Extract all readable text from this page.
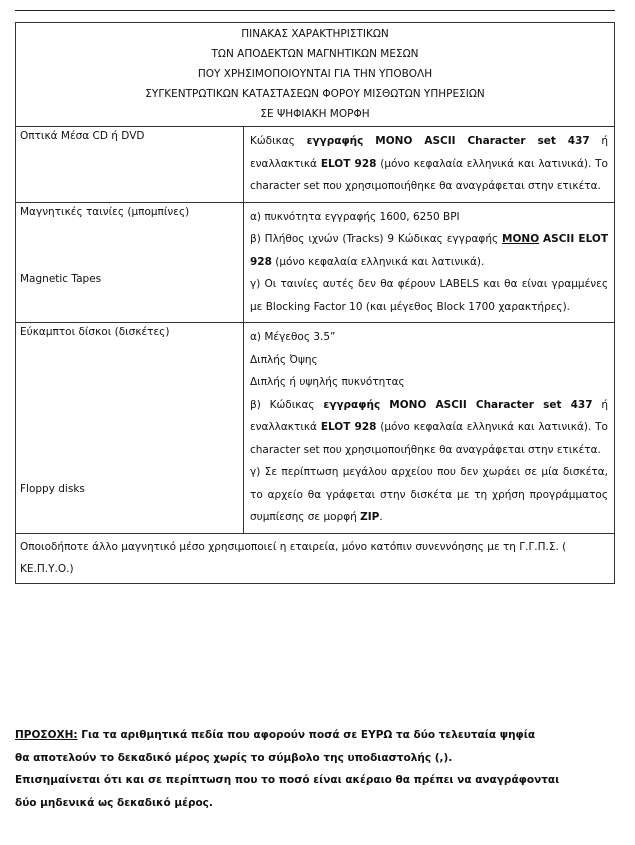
ΠΙΝΑΚΑΣ ΧΑΡΑΚΤΗΡΙΣΤΙΚΩΝ
ΤΩΝ ΑΠΟΔΕΚΤΩΝ ΜΑΓΝΗΤΙΚΩΝ ΜΕΣΩΝ
ΠΟΥ ΧΡΗΣΙΜΟΠΟΙΟΥΝΤΑΙ ΓΙΑ ΤΗΝ ΥΠΟΒΟΛΗ
ΣΥΓΚΕΝΤΡΩΤΙΚΩΝ ΚΑΤΑΣΤΑΣΕΩΝ ΦΟΡΟΥ ΜΙΣΘΩΤΩΝ ΥΠΗΡΕΣΙΩΝ
ΣΕ ΨΗΦΙΑΚΗ ΜΟΡΦΗ
Οπτικά Μέσα CD ή DVD	Κώδικας εγγραφής ΜΟΝΟ ASCII Character set 437 ή εναλλακτικά ELOT 928 (μόνο κεφαλαία ελληνικά και λατινικά). Το character set που χρησιμοποιήθηκε θα αναγράφεται στην ετικέτα.

Μαγνητικές ταινίες (μπομπίνες)
Magnetic Tapes

α) πυκνότητα εγγραφής 1600, 6250 BPI

β) Πλήθος ιχνών (Tracks) 9 Κώδικας εγγραφής ΜΟΝΟ ASCII ELOT 928 (μόνο κεφαλαία ελληνικά και λατινικά).

γ) Οι ταινίες αυτές δεν θα φέρουν LABELS και θα είναι γραμμένες με Blocking Factor 10 (και μέγεθος Block 1700 χαρακτήρες).

Εύκαμπτοι δίσκοι (δισκέτες)
Floppy disks

α) Μέγεθος 3.5”

Διπλής Όψης

Διπλής ή υψηλής πυκνότητας

β) Κώδικας εγγραφής ΜΟΝΟ ASCII Character set 437 ή εναλλακτικά ELOT 928 (μόνο κεφαλαία ελληνικά και λατινικά). Το character set που χρησιμοποιήθηκε θα αναγράφεται στην ετικέτα.

γ) Σε περίπτωση μεγάλου αρχείου που δεν χωράει σε μία δισκέτα, το αρχείο θα γράφεται στην δισκέτα με τη χρήση προγράμματος συμπίεσης σε μορφή ZIP.

Οποιοδήποτε άλλο μαγνητικό μέσο χρησιμοποιεί η εταιρεία, μόνο κατόπιν συνεννόησης με τη Γ.Γ.Π.Σ. ( ΚΕ.Π.Υ.Ο.)

ΠΡΟΣΟΧΗ: Για τα αριθμητικά πεδία που αφορούν ποσά σε ΕΥΡΩ τα δύο τελευταία ψηφία

θα αποτελούν το δεκαδικό μέρος χωρίς το σύμβολο της υποδιαστολής (,).

Επισημαίνεται ότι και σε περίπτωση που το ποσό είναι ακέραιο θα πρέπει να αναγράφονται

δύο μηδενικά ως δεκαδικό μέρος.
